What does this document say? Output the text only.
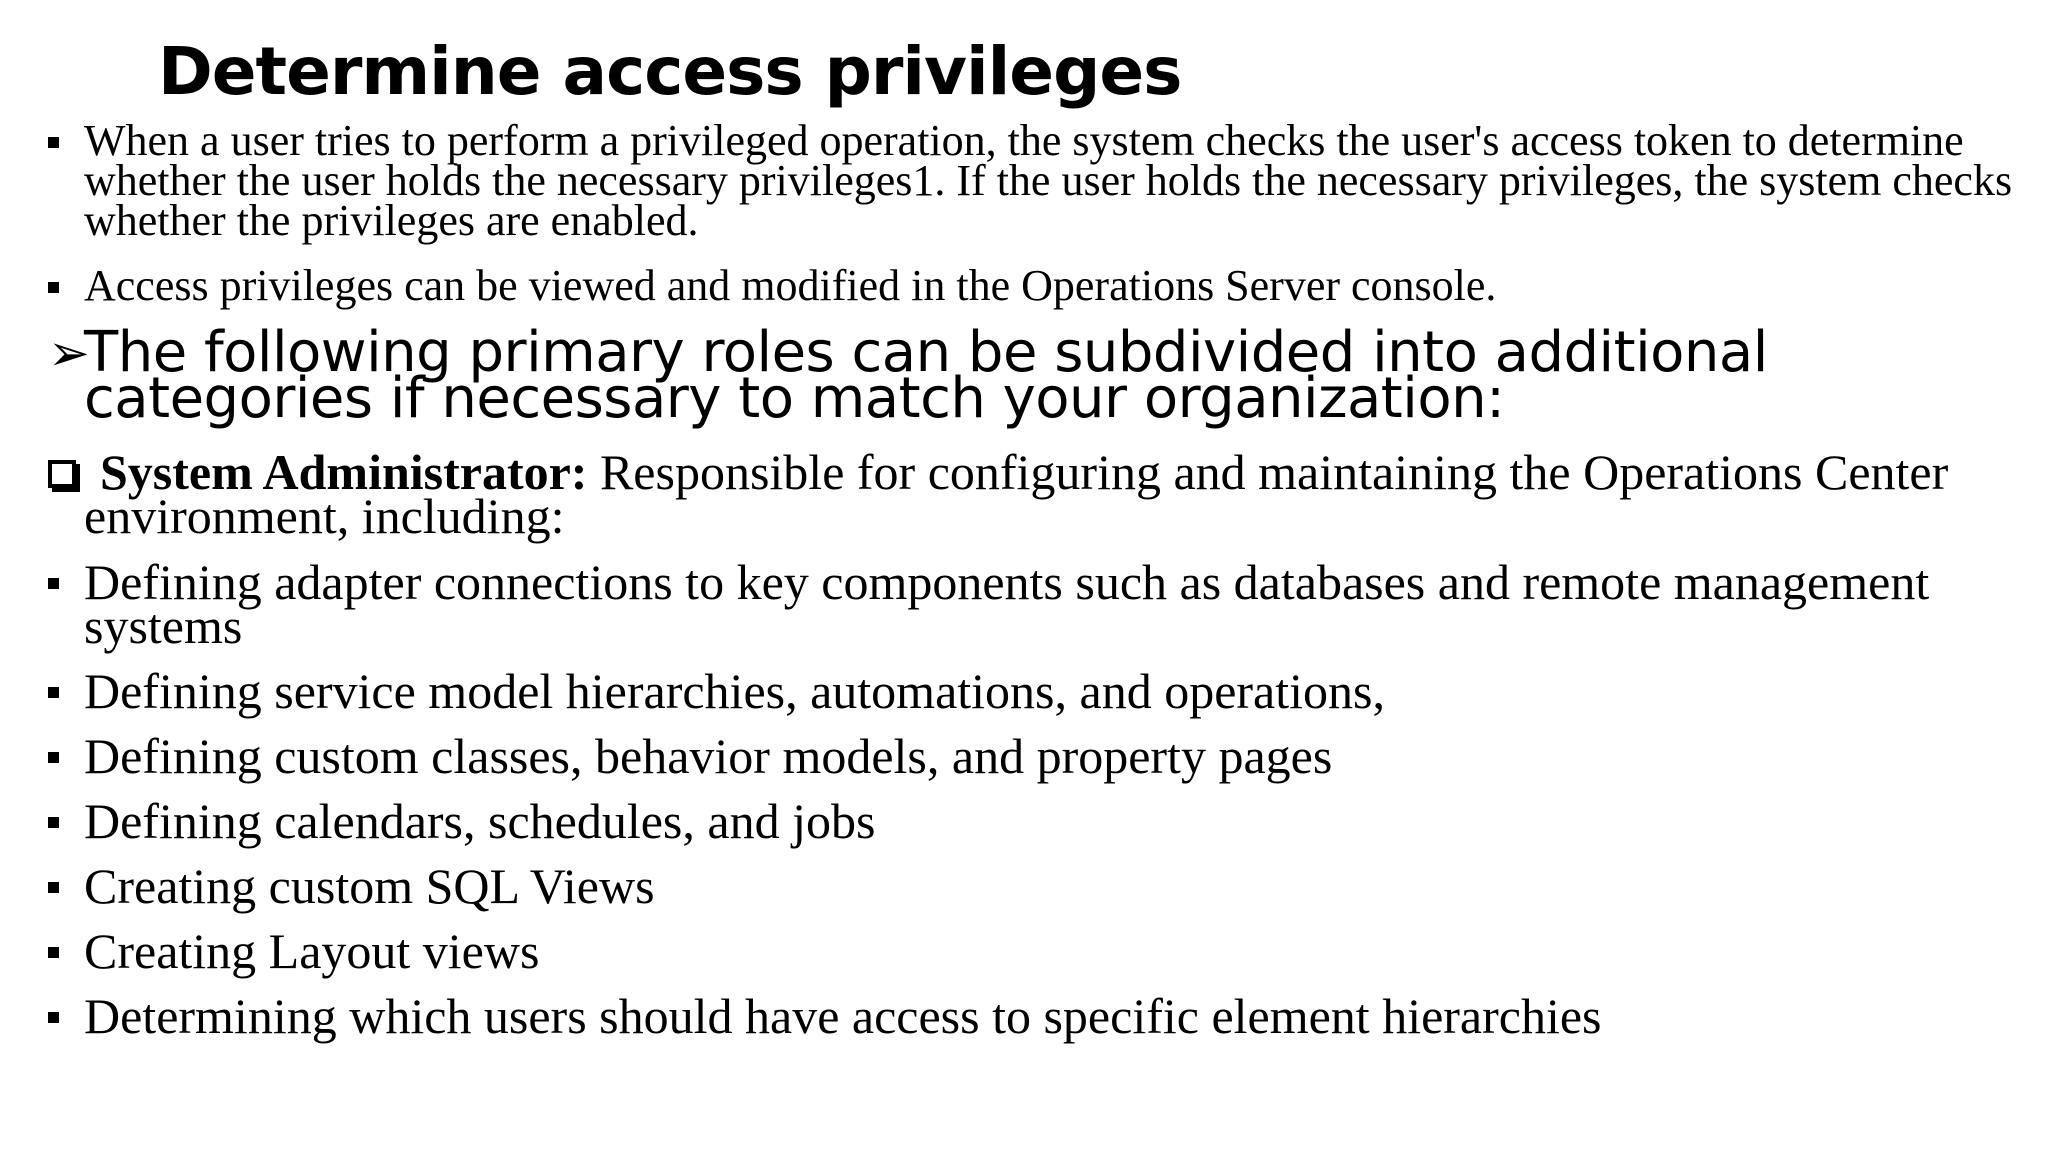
Determine access privileges
When a user tries to perform a privileged operation, the system checks the user's access token to determine whether the user holds the necessary privileges1. If the user holds the necessary privileges, the system checks whether the privileges are enabled.
Access privileges can be viewed and modified in the Operations Server console.
➢
The following primary roles can be subdivided into additional categories if necessary to match your organization:
System Administrator: Responsible for configuring and maintaining the Operations Center environment, including:
Defining adapter connections to key components such as databases and remote management systems
Defining service model hierarchies, automations, and operations,
Defining custom classes, behavior models, and property pages
Defining calendars, schedules, and jobs
Creating custom SQL Views
Creating Layout views
Determining which users should have access to specific element hierarchies
